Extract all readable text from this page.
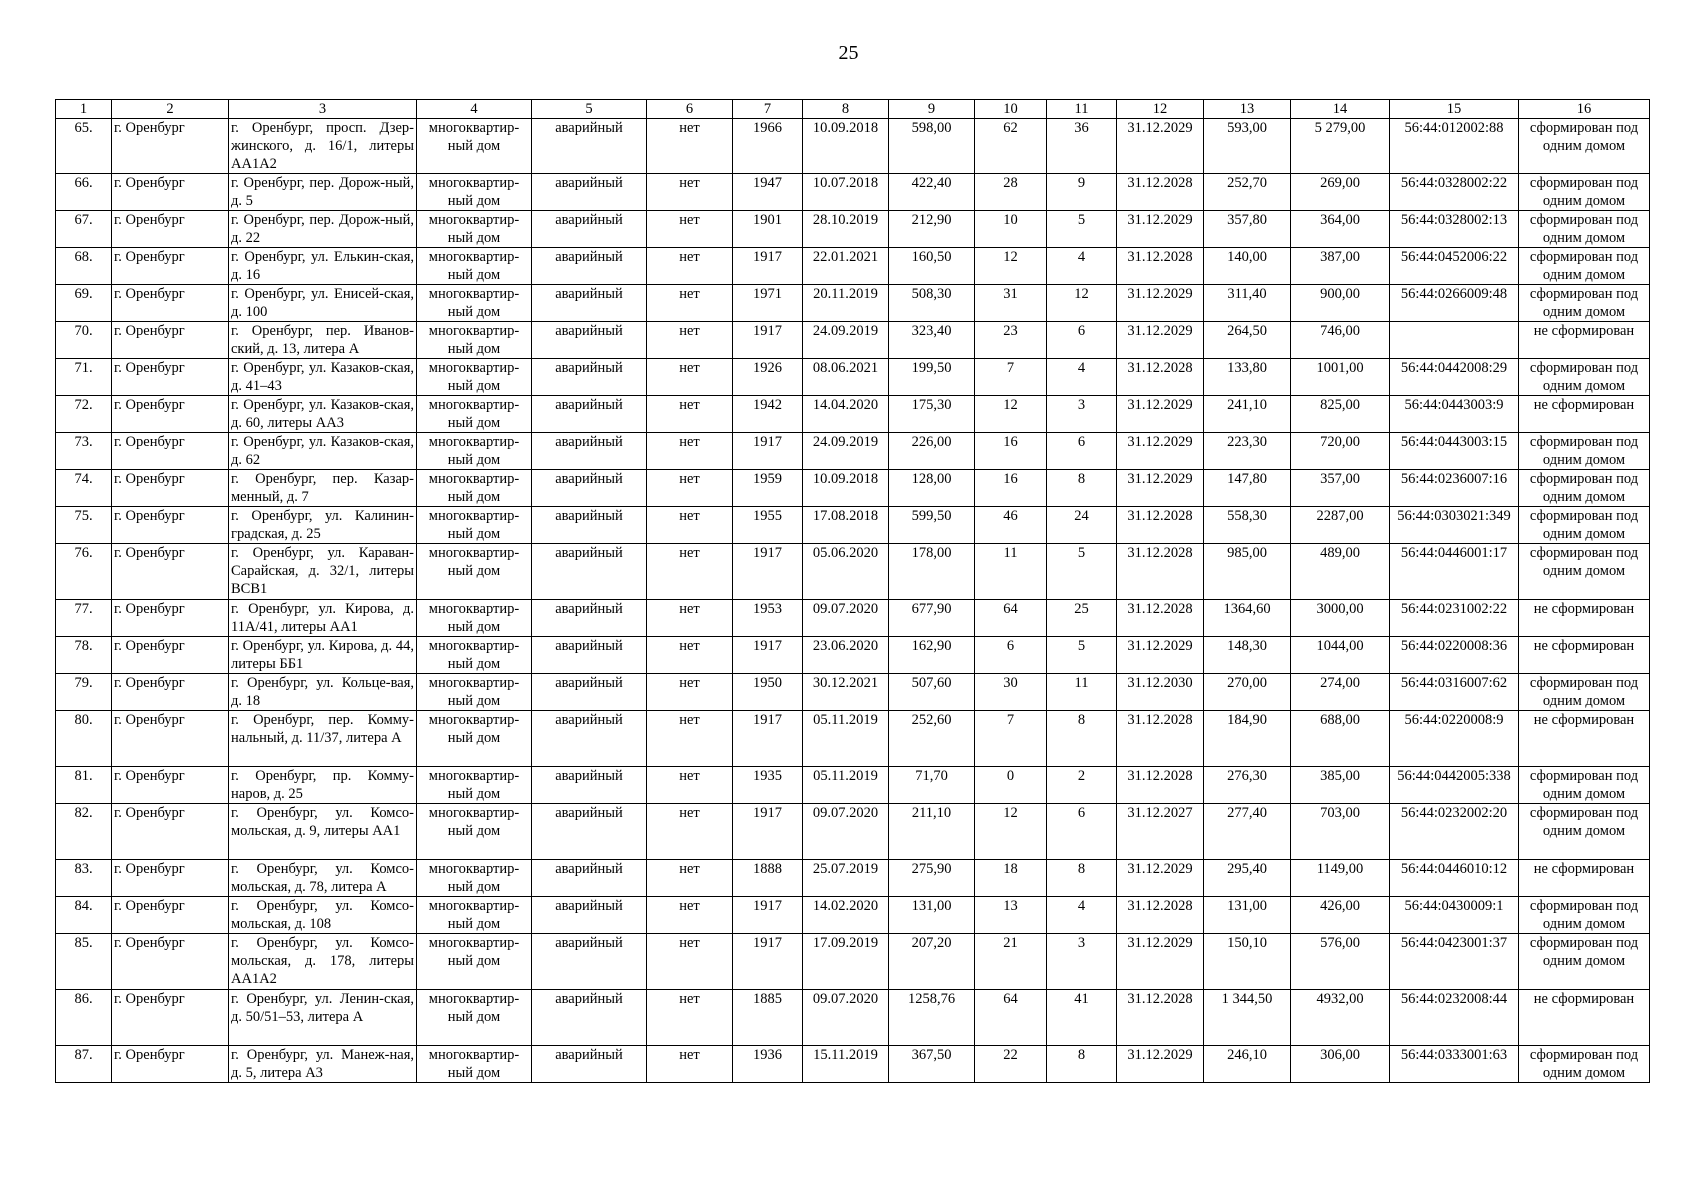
25
1	2	3	4	5	6	7	8	9	10	11	12	13	14	15	16
65.	г. Оренбург	г. Оренбург, просп. Дзер-жинского, д. 16/1, литеры АА1А2	многоквартир-ный дом	аварийный	нет	1966	10.09.2018	598,00	62	36	31.12.2029	593,00	5 279,00	56:44:012002:88	сформирован под одним домом
66.	г. Оренбург	г. Оренбург, пер. Дорож-ный, д. 5	многоквартир-ный дом	аварийный	нет	1947	10.07.2018	422,40	28	9	31.12.2028	252,70	269,00	56:44:0328002:22	сформирован под одним домом
67.	г. Оренбург	г. Оренбург, пер. Дорож-ный, д. 22	многоквартир-ный дом	аварийный	нет	1901	28.10.2019	212,90	10	5	31.12.2029	357,80	364,00	56:44:0328002:13	сформирован под одним домом
68.	г. Оренбург	г. Оренбург, ул. Елькин-ская, д. 16	многоквартир-ный дом	аварийный	нет	1917	22.01.2021	160,50	12	4	31.12.2028	140,00	387,00	56:44:0452006:22	сформирован под одним домом
69.	г. Оренбург	г. Оренбург, ул. Енисей-ская, д. 100	многоквартир-ный дом	аварийный	нет	1971	20.11.2019	508,30	31	12	31.12.2029	311,40	900,00	56:44:0266009:48	сформирован под одним домом
70.	г. Оренбург	г. Оренбург, пер. Иванов-ский, д. 13, литера А	многоквартир-ный дом	аварийный	нет	1917	24.09.2019	323,40	23	6	31.12.2029	264,50	746,00		не сформирован
71.	г. Оренбург	г. Оренбург, ул. Казаков-ская, д. 41–43	многоквартир-ный дом	аварийный	нет	1926	08.06.2021	199,50	7	4	31.12.2028	133,80	1001,00	56:44:0442008:29	сформирован под одним домом
72.	г. Оренбург	г. Оренбург, ул. Казаков-ская, д. 60, литеры АА3	многоквартир-ный дом	аварийный	нет	1942	14.04.2020	175,30	12	3	31.12.2029	241,10	825,00	56:44:0443003:9	не сформирован
73.	г. Оренбург	г. Оренбург, ул. Казаков-ская, д. 62	многоквартир-ный дом	аварийный	нет	1917	24.09.2019	226,00	16	6	31.12.2029	223,30	720,00	56:44:0443003:15	сформирован под одним домом
74.	г. Оренбург	г. Оренбург, пер. Казар-менный, д. 7	многоквартир-ный дом	аварийный	нет	1959	10.09.2018	128,00	16	8	31.12.2029	147,80	357,00	56:44:0236007:16	сформирован под одним домом
75.	г. Оренбург	г. Оренбург, ул. Калинин-градская, д. 25	многоквартир-ный дом	аварийный	нет	1955	17.08.2018	599,50	46	24	31.12.2028	558,30	2287,00	56:44:0303021:349	сформирован под одним домом
76.	г. Оренбург	г. Оренбург, ул. Караван-Сарайская, д. 32/1, литеры ВСВ1	многоквартир-ный дом	аварийный	нет	1917	05.06.2020	178,00	11	5	31.12.2028	985,00	489,00	56:44:0446001:17	сформирован под одним домом
77.	г. Оренбург	г. Оренбург, ул. Кирова, д. 11А/41, литеры АА1	многоквартир-ный дом	аварийный	нет	1953	09.07.2020	677,90	64	25	31.12.2028	1364,60	3000,00	56:44:0231002:22	не сформирован
78.	г. Оренбург	г. Оренбург, ул. Кирова, д. 44, литеры ББ1	многоквартир-ный дом	аварийный	нет	1917	23.06.2020	162,90	6	5	31.12.2029	148,30	1044,00	56:44:0220008:36	не сформирован
79.	г. Оренбург	г. Оренбург, ул. Кольце-вая, д. 18	многоквартир-ный дом	аварийный	нет	1950	30.12.2021	507,60	30	11	31.12.2030	270,00	274,00	56:44:0316007:62	сформирован под одним домом
80.	г. Оренбург	г. Оренбург, пер. Комму-нальный, д. 11/37, литера А	многоквартир-ный дом	аварийный	нет	1917	05.11.2019	252,60	7	8	31.12.2028	184,90	688,00	56:44:0220008:9	не сформирован
81.	г. Оренбург	г. Оренбург, пр. Комму-наров, д. 25	многоквартир-ный дом	аварийный	нет	1935	05.11.2019	71,70	0	2	31.12.2028	276,30	385,00	56:44:0442005:338	сформирован под одним домом
82.	г. Оренбург	г. Оренбург, ул. Комсо-мольская, д. 9, литеры АА1	многоквартир-ный дом	аварийный	нет	1917	09.07.2020	211,10	12	6	31.12.2027	277,40	703,00	56:44:0232002:20	сформирован под одним домом
83.	г. Оренбург	г. Оренбург, ул. Комсо-мольская, д. 78, литера А	многоквартир-ный дом	аварийный	нет	1888	25.07.2019	275,90	18	8	31.12.2029	295,40	1149,00	56:44:0446010:12	не сформирован
84.	г. Оренбург	г. Оренбург, ул. Комсо-мольская, д. 108	многоквартир-ный дом	аварийный	нет	1917	14.02.2020	131,00	13	4	31.12.2028	131,00	426,00	56:44:0430009:1	сформирован под одним домом
85.	г. Оренбург	г. Оренбург, ул. Комсо-мольская, д. 178, литеры АА1А2	многоквартир-ный дом	аварийный	нет	1917	17.09.2019	207,20	21	3	31.12.2029	150,10	576,00	56:44:0423001:37	сформирован под одним домом
86.	г. Оренбург	г. Оренбург, ул. Ленин-ская, д. 50/51–53, литера А	многоквартир-ный дом	аварийный	нет	1885	09.07.2020	1258,76	64	41	31.12.2028	1 344,50	4932,00	56:44:0232008:44	не сформирован
87.	г. Оренбург	г. Оренбург, ул. Манеж-ная, д. 5, литера А3	многоквартир-ный дом	аварийный	нет	1936	15.11.2019	367,50	22	8	31.12.2029	246,10	306,00	56:44:0333001:63	сформирован под одним домом
